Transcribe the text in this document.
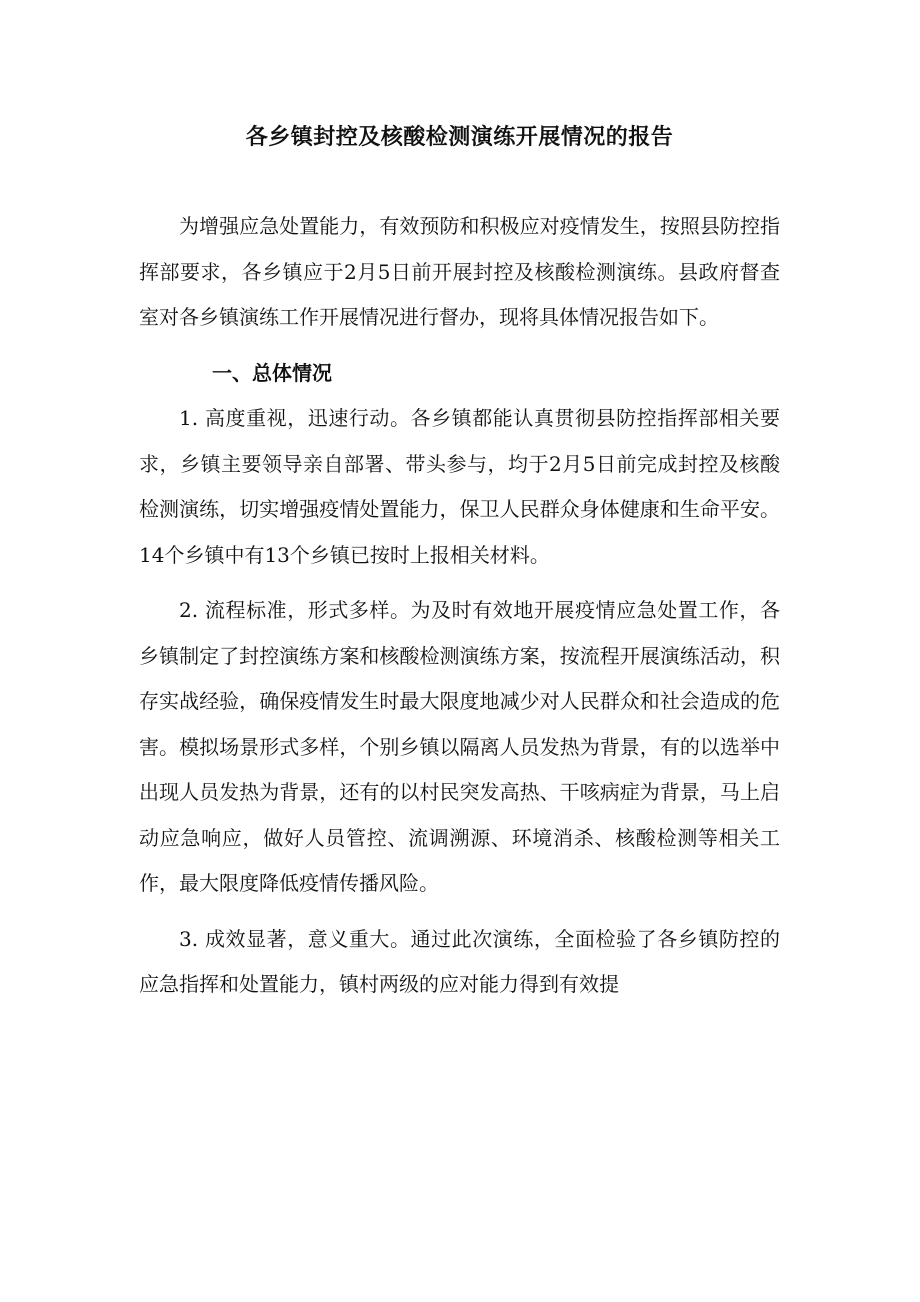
各乡镇封控及核酸检测演练开展情况的报告

为增强应急处置能力，有效预防和积极应对疫情发生，按照县防控指挥部要求，各乡镇应于2月5日前开展封控及核酸检测演练。县政府督查室对各乡镇演练工作开展情况进行督办，现将具体情况报告如下。

一、总体情况

1. 高度重视，迅速行动。各乡镇都能认真贯彻县防控指挥部相关要求，乡镇主要领导亲自部署、带头参与，均于2月5日前完成封控及核酸检测演练，切实增强疫情处置能力，保卫人民群众身体健康和生命平安。14个乡镇中有13个乡镇已按时上报相关材料。

2. 流程标准，形式多样。为及时有效地开展疫情应急处置工作，各乡镇制定了封控演练方案和核酸检测演练方案，按流程开展演练活动，积存实战经验，确保疫情发生时最大限度地减少对人民群众和社会造成的危害。模拟场景形式多样，个别乡镇以隔离人员发热为背景，有的以选举中出现人员发热为背景，还有的以村民突发高热、干咳病症为背景，马上启动应急响应，做好人员管控、流调溯源、环境消杀、核酸检测等相关工作，最大限度降低疫情传播风险。

3. 成效显著，意义重大。通过此次演练，全面检验了各乡镇防控的应急指挥和处置能力，镇村两级的应对能力得到有效提
